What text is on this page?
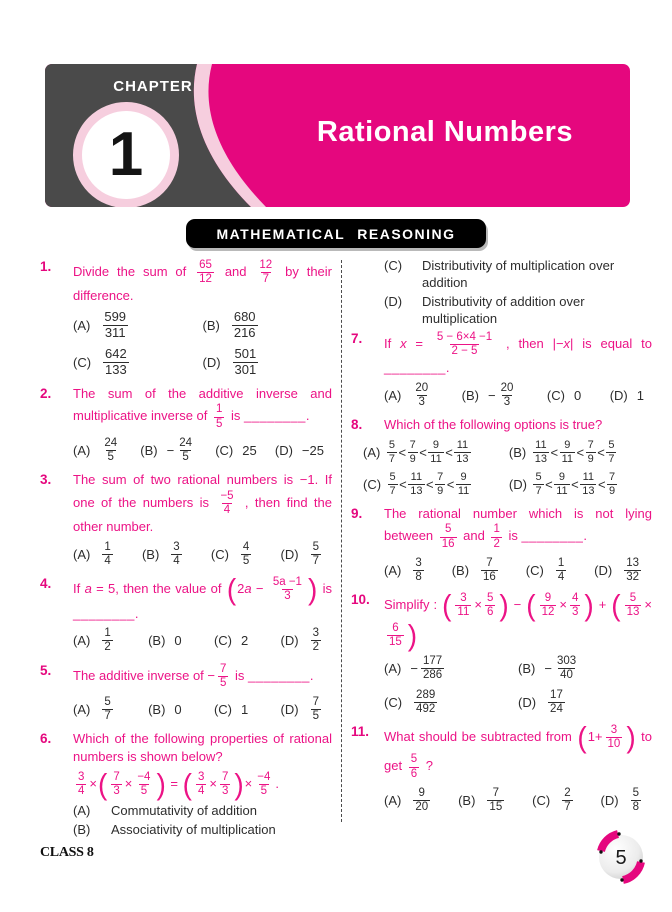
CHAPTER
1	Rational Numbers
MATHEMATICAL REASONING
1.	Divide the sum of $\frac{65}{12}$ and $\frac{12}{7}$ by their difference.
$(A) \frac{599}{311}$	$(B) \frac{680}{216}$
$(C) \frac{642}{133}$	$(D) \frac{501}{301}$
2.	The sum of the additive inverse and multiplicative inverse of $\frac{1}{5}$ is ________.
$(A) \frac{24}{5} (B) - \frac{24}{5} (C)$ 25 (D) −25
3.	The sum of two rational numbers is −1. If one of the numbers is $\frac{-5}{4}$ , then find the other number.
$(A) \frac{1}{4} (B) \frac{3}{4} (C) \frac{4}{5} (D) \frac{5}{7}$
4.	If a = 5, then the value of ($2a - \frac{5a -1}{3}$ ) is ________.
$(A) \frac{1}{2}$	(B) 0 (C) 2 $(D) \frac{3}{2}$
5.	The additive inverse of − $\frac{7}{5}$ is ________.
$(A) \frac{5}{7}$	(B) 0 (C) 1 $(D) \frac{7}{5}$
6.	Which of the following properties of rational numbers is shown below?
$\frac{3}{4}$ ×( $\frac{7}{3} \times \frac{-4}{5}$ ) = ( $\frac{3}{4} \times \frac{7}{3}$ )× $\frac{-4}{5}$ .
(A)	Commutativity of addition
(B)	Associativity of multiplication
(C)	Distributivity of multiplication over addition
(D)	Distributivity of addition over multiplication
7.	If $x = \frac{5 - 6\times 4 -1}{2 - 5}$ , then |−x| is equal to ________.
$(A) \frac{20}{3} (B) - \frac{20}{3} (C)$ 0 (D) 1
8.	Which of the following options is true?
$(A) \frac{5}{7} < \frac{7}{9} < \frac{9}{11} < \frac{11}{13}$	$(B) \frac{11}{13} < \frac{9}{11} < \frac{7}{9} < \frac{5}{7}$
$(C) \frac{5}{7} < \frac{11}{13} < \frac{7}{9} < \frac{9}{11}$	$(D) \frac{5}{7} < \frac{9}{11} < \frac{11}{13} < \frac{7}{9}$
9.	The rational number which is not lying between $\frac{5}{16}$ and $\frac{1}{2}$ is ________.
$(A) \frac{3}{8} (B) \frac{7}{16} (C) \frac{1}{4} (D) \frac{13}{32}$
10.	Simplify : ( $\frac{3}{11} \times \frac{5}{6}$ ) − ( $\frac{9}{12} \times \frac{4}{3}$ ) + ( $\frac{5}{13}$ ×
$\frac{6}{15}$ )
$(A) - \frac{177}{286}$	$(B) - \frac{303}{40}$
$(C) \frac{289}{492}$	$(D) \frac{17}{24}$
11.	What should be subtracted from ($1+ \frac{3}{10}$ ) to get $\frac{5}{6}$ ?
$(A) \frac{9}{20} (B) \frac{7}{15} (C) \frac{2}{7} (D) \frac{5}{8}$
CLASS 8	5
